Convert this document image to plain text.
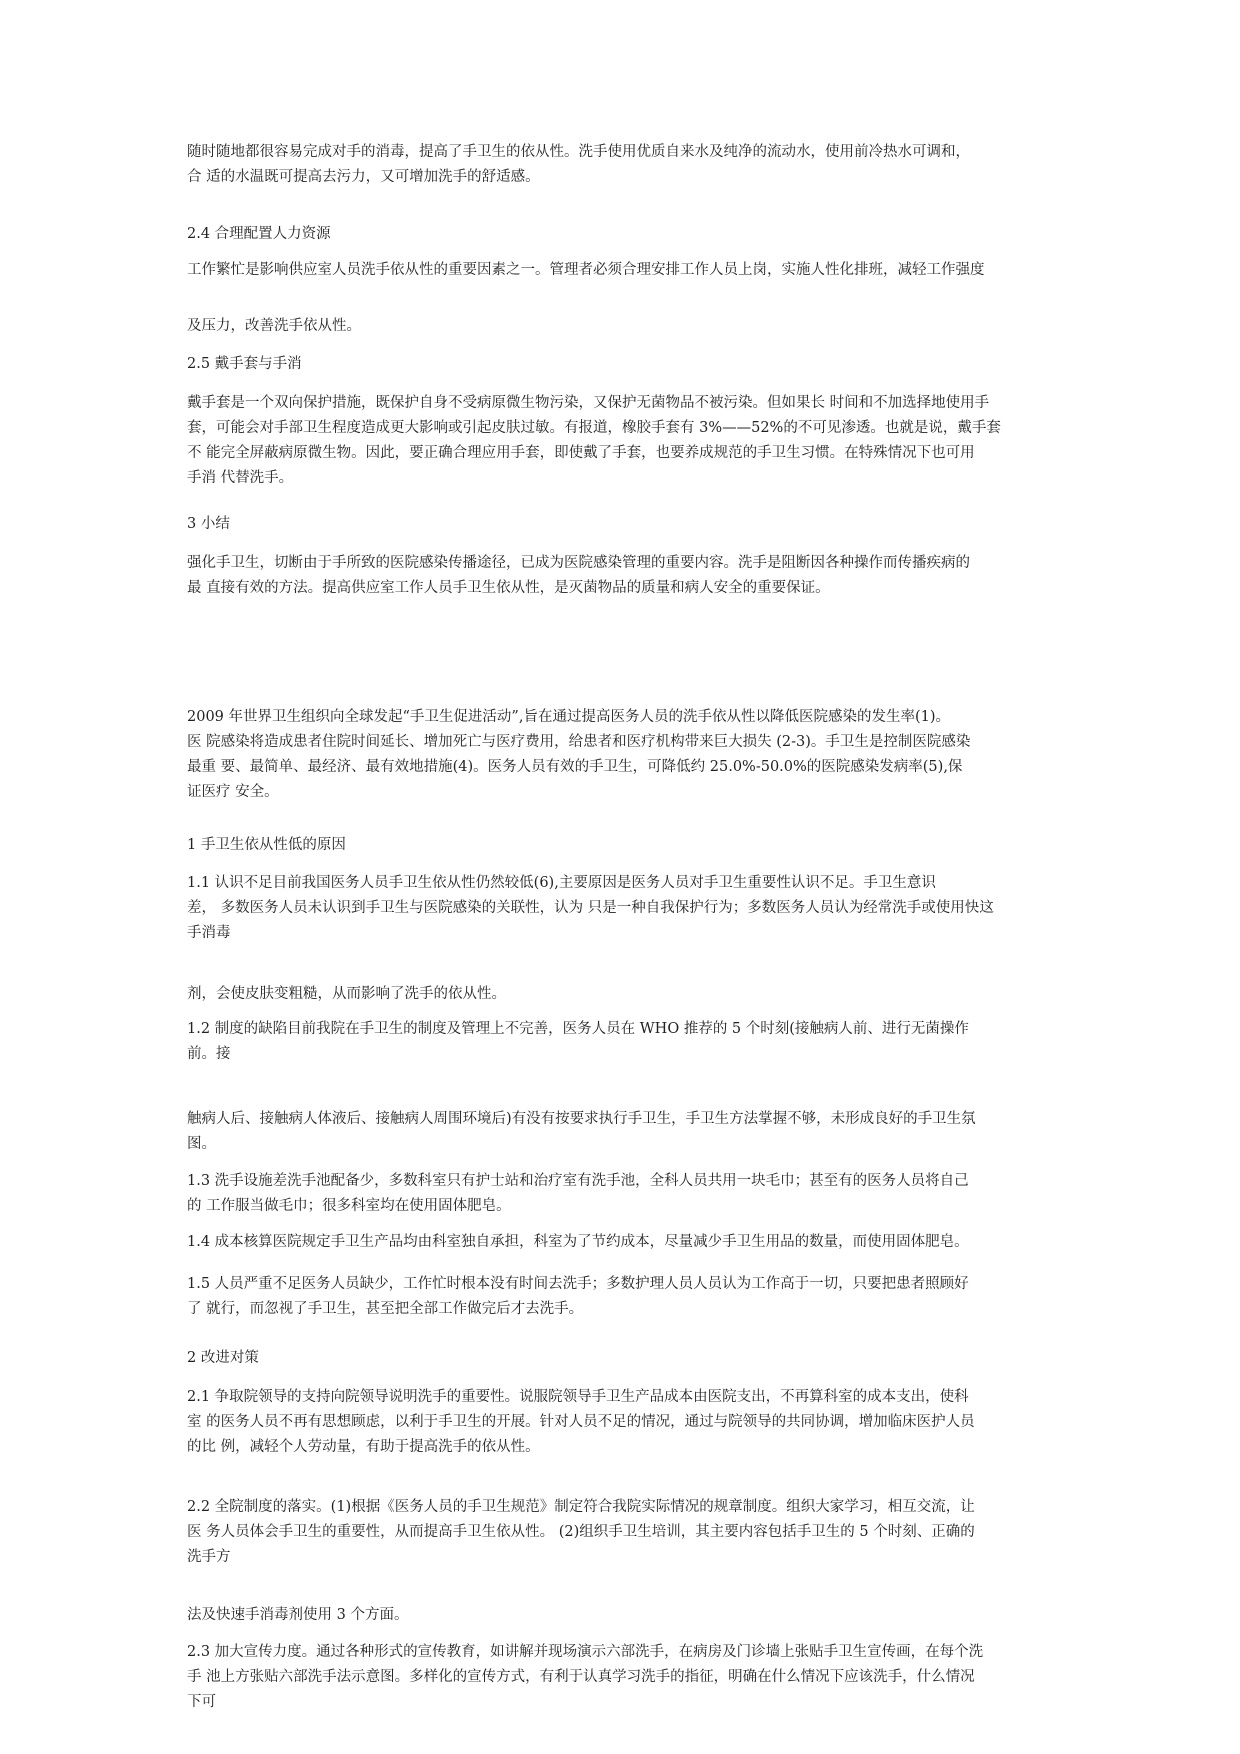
随时随地都很容易完成对手的消毒，提高了手卫生的依从性。洗手使用优质自来水及纯净的流动水，使用前冷热水可调和，
合 适的水温既可提高去污力，又可增加洗手的舒适感。
2.4 合理配置人力资源
工作繁忙是影响供应室人员洗手依从性的重要因素之一。管理者必须合理安排工作人员上岗，实施人性化排班，减轻工作强度
及压力，改善洗手依从性。
2.5 戴手套与手消
戴手套是一个双向保护措施，既保护自身不受病原微生物污染，又保护无菌物品不被污染。但如果长 时间和不加选择地使用手
套，可能会对手部卫生程度造成更大影响或引起皮肤过敏。有报道，橡胶手套有 3%——52%的不可见渗透。也就是说，戴手套
不 能完全屏蔽病原微生物。因此，要正确合理应用手套，即使戴了手套，也要养成规范的手卫生习惯。在特殊情况下也可用
手消 代替洗手。
3 小结
强化手卫生，切断由于手所致的医院感染传播途径，已成为医院感染管理的重要内容。洗手是阻断因各种操作而传播疾病的
最 直接有效的方法。提高供应室工作人员手卫生依从性，是灭菌物品的质量和病人安全的重要保证。
2009 年世界卫生组织向全球发起“手卫生促进活动”,旨在通过提高医务人员的洗手依从性以降低医院感染的发生率(1)。
医 院感染将造成患者住院时间延长、增加死亡与医疗费用，给患者和医疗机构带来巨大损失 (2-3)。手卫生是控制医院感染
最重 要、最简单、最经济、最有效地措施(4)。医务人员有效的手卫生，可降低约 25.0%-50.0%的医院感染发病率(5),保
证医疗 安全。
1 手卫生依从性低的原因
1.1 认识不足目前我国医务人员手卫生依从性仍然较低(6),主要原因是医务人员对手卫生重要性认识不足。手卫生意识
差， 多数医务人员未认识到手卫生与医院感染的关联性，认为 只是一种自我保护行为；多数医务人员认为经常洗手或使用快这
手消毒
剂，会使皮肤变粗糙，从而影响了洗手的依从性。
1.2 制度的缺陷目前我院在手卫生的制度及管理上不完善，医务人员在 WHO 推荐的 5 个时刻(接触病人前、进行无菌操作
前。接
触病人后、接触病人体液后、接触病人周围环境后)有没有按要求执行手卫生，手卫生方法掌握不够，未形成良好的手卫生氛
图。
1.3 洗手设施差洗手池配备少，多数科室只有护士站和治疗室有洗手池，全科人员共用一块毛巾；甚至有的医务人员将自己
的 工作服当做毛巾；很多科室均在使用固体肥皂。
1.4 成本核算医院规定手卫生产品均由科室独自承担，科室为了节约成本，尽量减少手卫生用品的数量，而使用固体肥皂。
1.5 人员严重不足医务人员缺少，工作忙时根本没有时间去洗手；多数护理人员人员认为工作高于一切，只要把患者照顾好
了 就行，而忽视了手卫生，甚至把全部工作做完后才去洗手。
2 改进对策
2.1 争取院领导的支持向院领导说明洗手的重要性。说服院领导手卫生产品成本由医院支出，不再算科室的成本支出，使科
室 的医务人员不再有思想顾虑，以利于手卫生的开展。针对人员不足的情况，通过与院领导的共同协调，增加临床医护人员
的比 例，减轻个人劳动量，有助于提高洗手的依从性。
2.2 全院制度的落实。(1)根据《医务人员的手卫生规范》制定符合我院实际情况的规章制度。组织大家学习，相互交流，让
医 务人员体会手卫生的重要性，从而提高手卫生依从性。 (2)组织手卫生培训，其主要内容包括手卫生的 5 个时刻、正确的
洗手方
法及快速手消毒剂使用 3 个方面。
2.3 加大宣传力度。通过各种形式的宣传教育，如讲解并现场演示六部洗手，在病房及门诊墙上张贴手卫生宣传画，在每个洗
手 池上方张贴六部洗手法示意图。多样化的宣传方式，有利于认真学习洗手的指征，明确在什么情况下应该洗手，什么情况
下可
